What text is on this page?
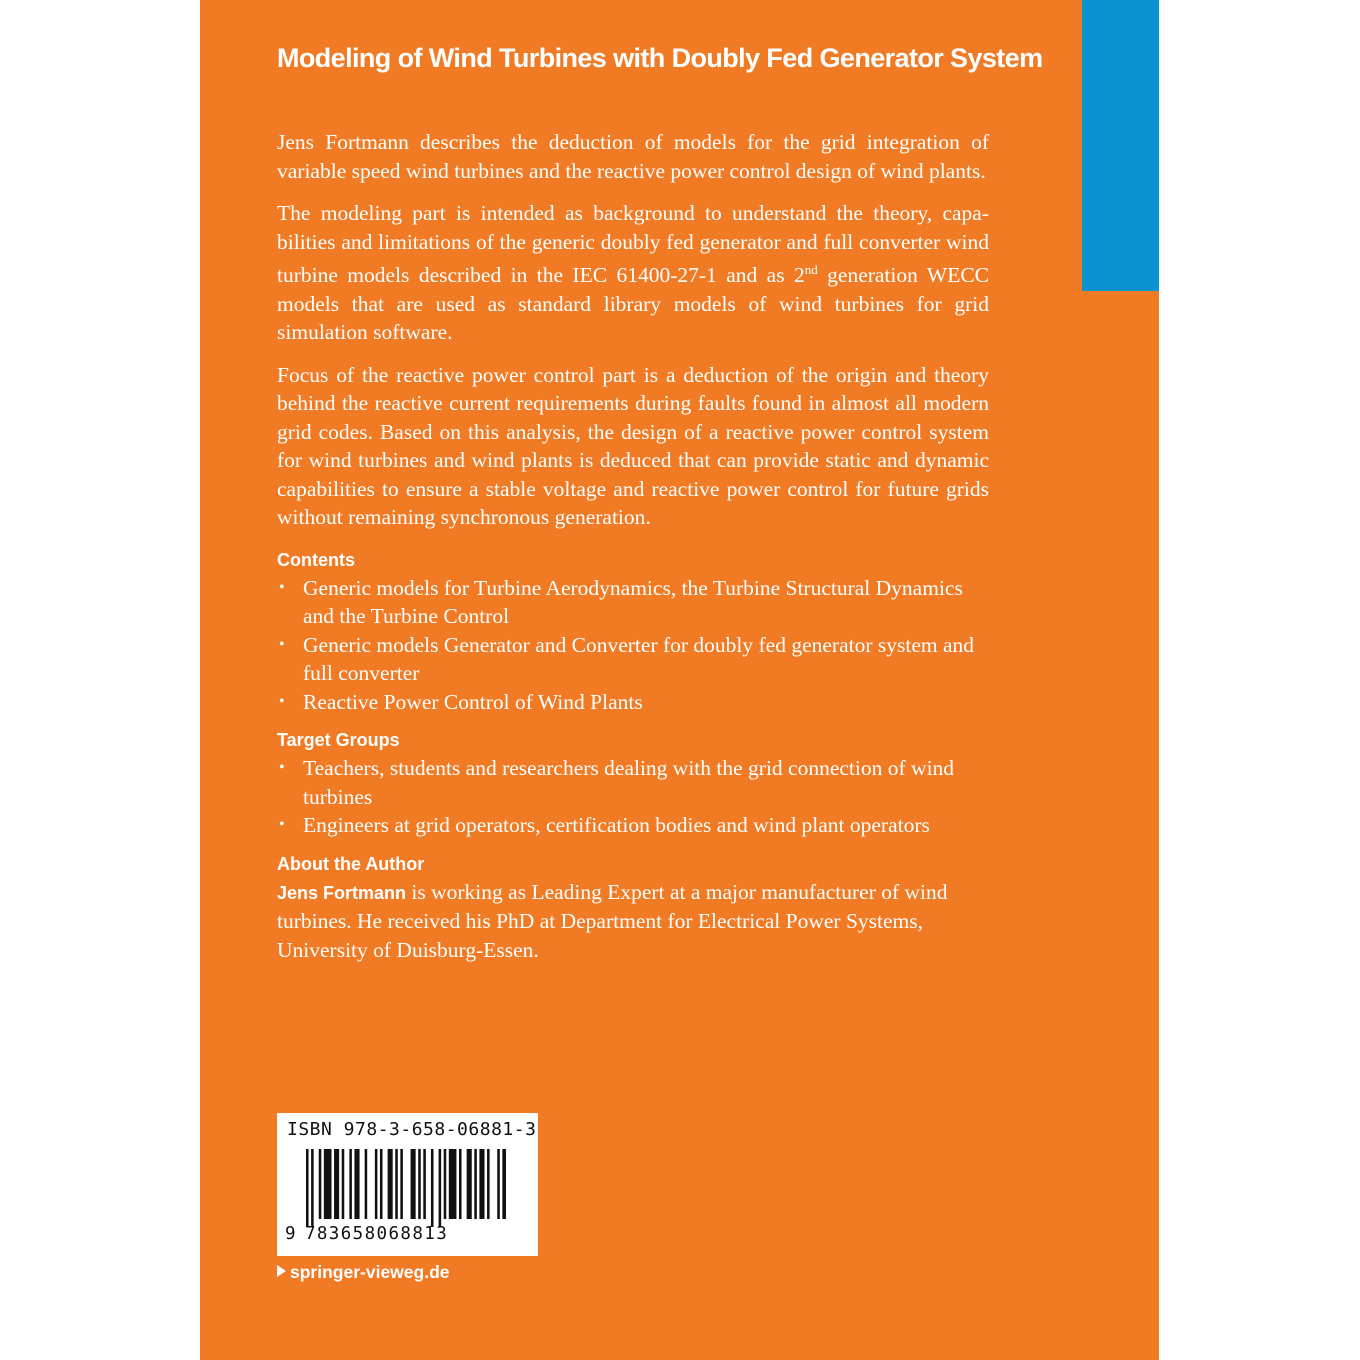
Modeling of Wind Turbines with Doubly Fed Generator System

Jens Fortmann describes the deduction of models for the grid integration of variable speed wind turbines and the reactive power control design of wind plants.

The modeling part is intended as background to understand the theory, capa-bilities and limitations of the generic doubly fed generator and full converter wind turbine models described in the IEC 61400-27-1 and as 2nd generation WECC models that are used as standard library models of wind turbines for grid simulation software.

Focus of the reactive power control part is a deduction of the origin and theory behind the reactive current requirements during faults found in almost all modern grid codes. Based on this analysis, the design of a reactive power control system for wind turbines and wind plants is deduced that can provide static and dynamic capabilities to ensure a stable voltage and reactive power control for future grids without remaining synchronous generation.

Contents
• Generic models for Turbine Aerodynamics, the Turbine Structural Dynamics and the Turbine Control
• Generic models Generator and Converter for doubly fed generator system and full converter
• Reactive Power Control of Wind Plants
Target Groups
• Teachers, students and researchers dealing with the grid connection of wind turbines
• Engineers at grid operators, certification bodies and wind plant operators
About the Author

Jens Fortmann is working as Leading Expert at a major manufacturer of wind turbines. He received his PhD at Department for Electrical Power Systems, University of Duisburg-Essen.

ISBN 978-3-658-06881-3
9 783658068813
springer-vieweg.de
